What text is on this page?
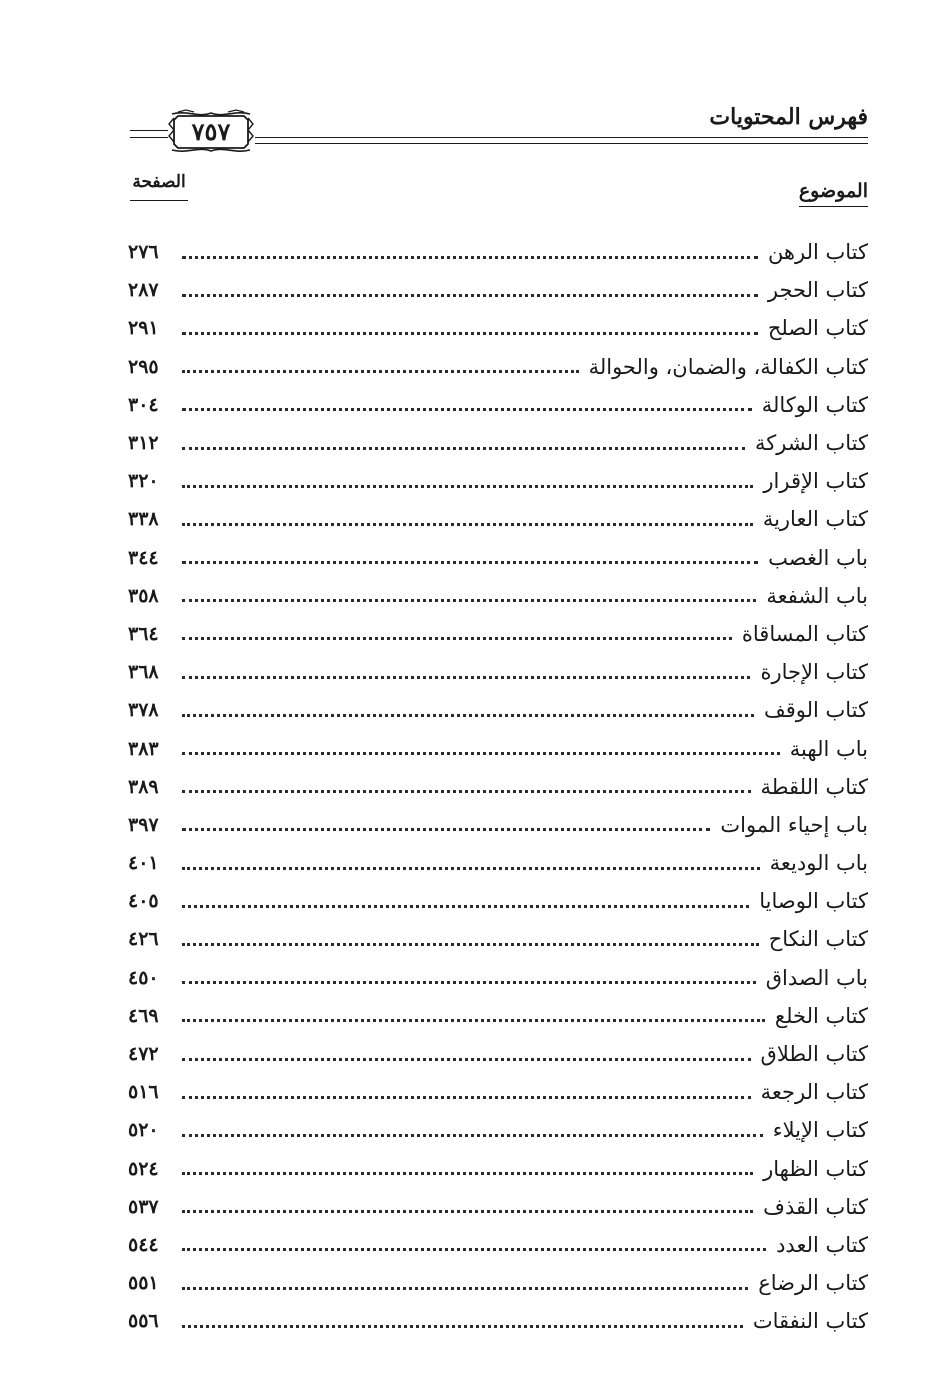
فهرس المحتويات
٧٥٧
الموضوع
الصفحة
كتاب الرهن
٢٧٦
كتاب الحجر
٢٨٧
كتاب الصلح
٢٩١
كتاب الكفالة، والضمان، والحوالة
٢٩٥
كتاب الوكالة
٣٠٤
كتاب الشركة
٣١٢
كتاب الإقرار
٣٢٠
كتاب العارية
٣٣٨
باب الغصب
٣٤٤
باب الشفعة
٣٥٨
كتاب المساقاة
٣٦٤
كتاب الإجارة
٣٦٨
كتاب الوقف
٣٧٨
باب الهبة
٣٨٣
كتاب اللقطة
٣٨٩
باب إحياء الموات
٣٩٧
باب الوديعة
٤٠١
كتاب الوصايا
٤٠٥
كتاب النكاح
٤٢٦
باب الصداق
٤٥٠
كتاب الخلع
٤٦٩
كتاب الطلاق
٤٧٢
كتاب الرجعة
٥١٦
كتاب الإيلاء
٥٢٠
كتاب الظهار
٥٢٤
كتاب القذف
٥٣٧
كتاب العدد
٥٤٤
كتاب الرضاع
٥٥١
كتاب النفقات
٥٥٦
